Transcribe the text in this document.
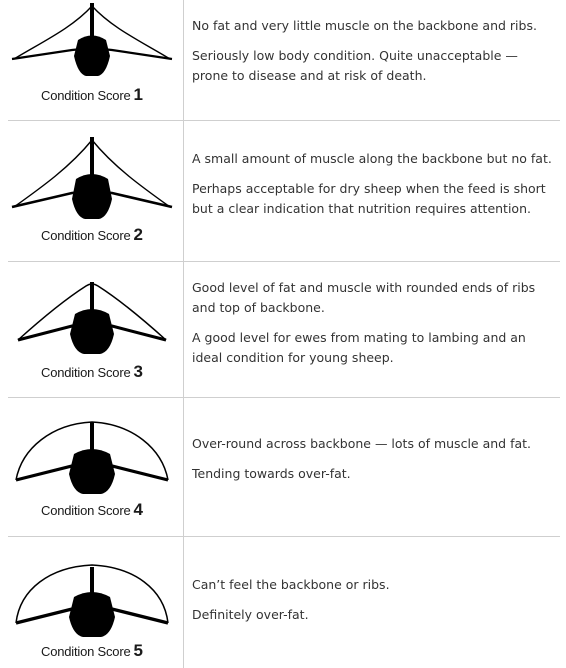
Condition Score 1

No fat and very little muscle on the backbone and ribs.

Seriously low body condition. Quite unacceptable — prone to disease and at risk of death.

Condition Score 2

A small amount of muscle along the backbone but no fat.

Perhaps acceptable for dry sheep when the feed is short but a clear indication that nutrition requires attention.

Condition Score 3

Good level of fat and muscle with rounded ends of ribs and top of backbone.

A good level for ewes from mating to lambing and an ideal condition for young sheep.

Condition Score 4

Over-round across backbone — lots of muscle and fat.

Tending towards over-fat.

Condition Score 5

Can’t feel the backbone or ribs.

Definitely over-fat.
